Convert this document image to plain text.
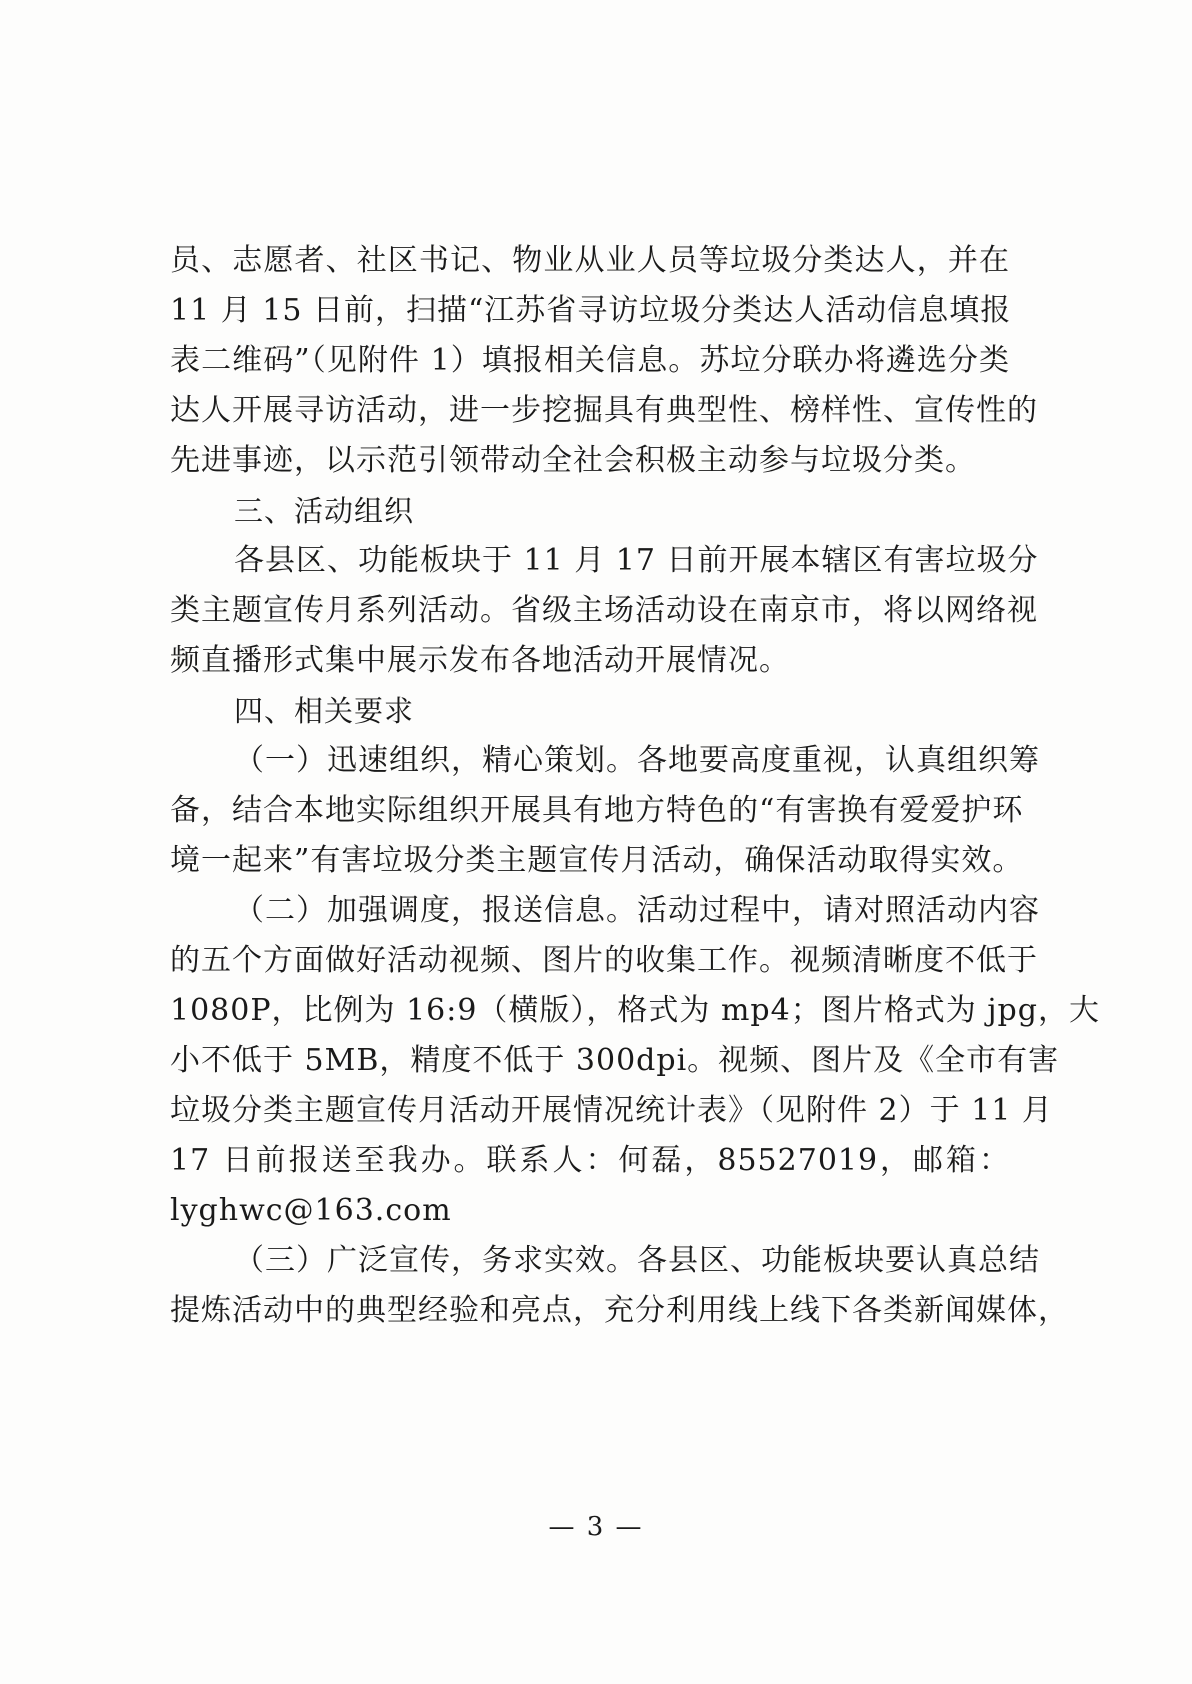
员、志愿者、社区书记、物业从业人员等垃圾分类达人，并在
11 月 15 日前，扫描“江苏省寻访垃圾分类达人活动信息填报
表二维码”（见附件 1）填报相关信息。苏垃分联办将遴选分类
达人开展寻访活动，进一步挖掘具有典型性、榜样性、宣传性的
先进事迹，以示范引领带动全社会积极主动参与垃圾分类。
三、活动组织
各县区、功能板块于 11 月 17 日前开展本辖区有害垃圾分
类主题宣传月系列活动。省级主场活动设在南京市，将以网络视
频直播形式集中展示发布各地活动开展情况。
四、相关要求
（一）迅速组织，精心策划。各地要高度重视，认真组织筹
备，结合本地实际组织开展具有地方特色的“有害换有爱爱护环
境一起来”有害垃圾分类主题宣传月活动，确保活动取得实效。
（二）加强调度，报送信息。活动过程中，请对照活动内容
的五个方面做好活动视频、图片的收集工作。视频清晰度不低于
1080P，比例为 16:9（横版），格式为 mp4；图片格式为 jpg，大
小不低于 5MB，精度不低于 300dpi。视频、图片及《全市有害
垃圾分类主题宣传月活动开展情况统计表》（见附件 2）于 11 月
17 日前报送至我办。联系人：何磊，85527019，邮箱：
lyghwc@163.com
（三）广泛宣传，务求实效。各县区、功能板块要认真总结
提炼活动中的典型经验和亮点，充分利用线上线下各类新闻媒体，
— 3 —
